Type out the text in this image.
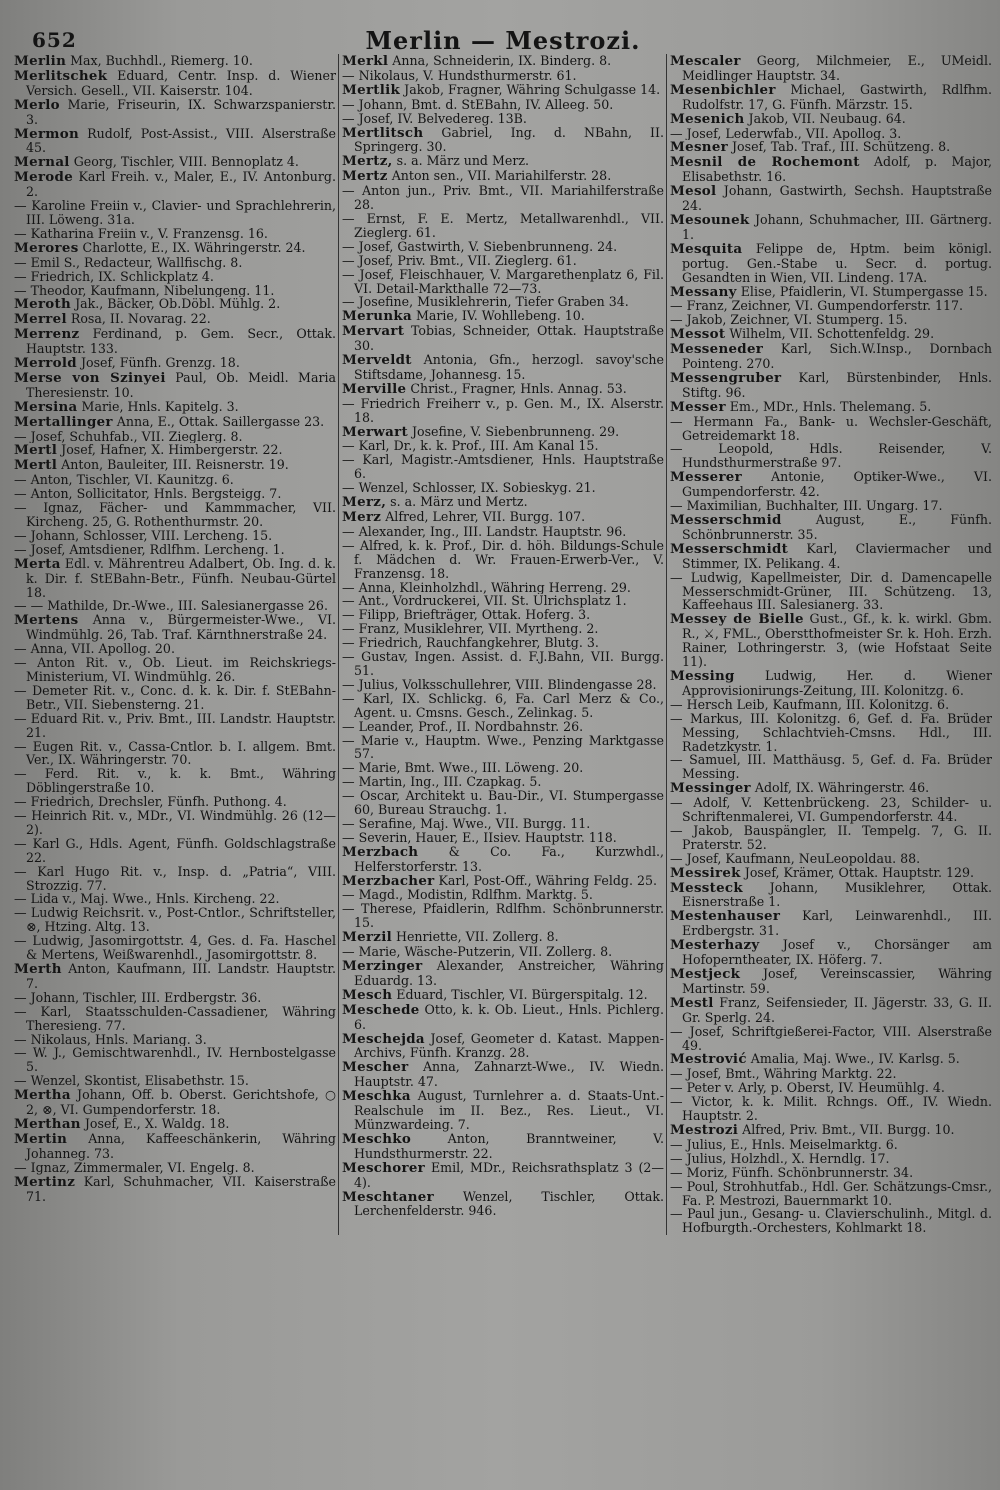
652	Merlin — Mestrozi.

Merlin Max, Buchhdl., Riemerg. 10.

Merlitschek Eduard, Centr. Insp. d. Wiener Versich. Gesell., VII. Kaiserstr. 104.

Merlo Marie, Friseurin, IX. Schwarzspanierstr. 3.

Mermon Rudolf, Post-Assist., VIII. Alserstraße 45.

Mernal Georg, Tischler, VIII. Bennoplatz 4.

Merode Karl Freih. v., Maler, E., IV. Antonburg. 2.

— Karoline Freiin v., Clavier- und Sprachlehrerin, III. Löweng. 31a.

— Katharina Freiin v., V. Franzensg. 16.

Merores Charlotte, E., IX. Währingerstr. 24.

— Emil S., Redacteur, Wallfischg. 8.

— Friedrich, IX. Schlickplatz 4.

— Theodor, Kaufmann, Nibelungeng. 11.

Meroth Jak., Bäcker, Ob.Döbl. Mühlg. 2.

Merrel Rosa, II. Novarag. 22.

Merrenz Ferdinand, p. Gem. Secr., Ottak. Hauptstr. 133.

Merrold Josef, Fünfh. Grenzg. 18.

Merse von Szinyei Paul, Ob. Meidl. Maria Theresienstr. 10.

Mersina Marie, Hnls. Kapitelg. 3.

Mertallinger Anna, E., Ottak. Saillergasse 23.

— Josef, Schuhfab., VII. Zieglerg. 8.

Mertl Josef, Hafner, X. Himbergerstr. 22.

Mertl Anton, Bauleiter, III. Reisnerstr. 19.

— Anton, Tischler, VI. Kaunitzg. 6.

— Anton, Sollicitator, Hnls. Bergsteigg. 7.

— Ignaz, Fächer- und Kammmacher, VII. Kircheng. 25, G. Rothenthurmstr. 20.

— Johann, Schlosser, VIII. Lercheng. 15.

— Josef, Amtsdiener, Rdlfhm. Lercheng. 1.

Merta Edl. v. Mährentreu Adalbert, Ob. Ing. d. k. k. Dir. f. StEBahn-Betr., Fünfh. Neubau-Gürtel 18.

— — Mathilde, Dr.-Wwe., III. Salesianergasse 26.

Mertens Anna v., Bürgermeister-Wwe., VI. Windmühlg. 26, Tab. Traf. Kärnthnerstraße 24.

— Anna, VII. Apollog. 20.

— Anton Rit. v., Ob. Lieut. im Reichskriegs-Ministerium, VI. Windmühlg. 26.

— Demeter Rit. v., Conc. d. k. k. Dir. f. StEBahn-Betr., VII. Siebensterng. 21.

— Eduard Rit. v., Priv. Bmt., III. Landstr. Hauptstr. 21.

— Eugen Rit. v., Cassa-Cntlor. b. I. allgem. Bmt. Ver., IX. Währingerstr. 70.

— Ferd. Rit. v., k. k. Bmt., Währing Döblingerstraße 10.

— Friedrich, Drechsler, Fünfh. Puthong. 4.

— Heinrich Rit. v., MDr., VI. Windmühlg. 26 (12—2).

— Karl G., Hdls. Agent, Fünfh. Goldschlagstraße 22.

— Karl Hugo Rit. v., Insp. d. „Patria“, VIII. Strozzig. 77.

— Lida v., Maj. Wwe., Hnls. Kircheng. 22.

— Ludwig Reichsrit. v., Post-Cntlor., Schriftsteller, ⊗, Htzing. Altg. 13.

— Ludwig, Jasomirgottstr. 4, Ges. d. Fa. Haschel & Mertens, Weißwarenhdl., Jasomirgottstr. 8.

Merth Anton, Kaufmann, III. Landstr. Hauptstr. 7.

— Johann, Tischler, III. Erdbergstr. 36.

— Karl, Staatsschulden-Cassadiener, Währing Theresieng. 77.

— Nikolaus, Hnls. Mariang. 3.

— W. J., Gemischtwarenhdl., IV. Hernbostelgasse 5.

— Wenzel, Skontist, Elisabethstr. 15.

Mertha Johann, Off. b. Oberst. Gerichtshofe, ○ 2, ⊗, VI. Gumpendorferstr. 18.

Merthan Josef, E., X. Waldg. 18.

Mertin Anna, Kaffeeschänkerin, Währing Johanneg. 73.

— Ignaz, Zimmermaler, VI. Engelg. 8.

Mertinz Karl, Schuhmacher, VII. Kaiserstraße 71.

Merkl Anna, Schneiderin, IX. Binderg. 8.

— Nikolaus, V. Hundsthurmerstr. 61.

Mertlik Jakob, Fragner, Währing Schulgasse 14.

— Johann, Bmt. d. StEBahn, IV. Alleeg. 50.

— Josef, IV. Belvedereg. 13B.

Mertlitsch Gabriel, Ing. d. NBahn, II. Springerg. 30.

Mertz, s. a. März und Merz.

Mertz Anton sen., VII. Mariahilferstr. 28.

— Anton jun., Priv. Bmt., VII. Mariahilferstraße 28.

— Ernst, F. E. Mertz, Metallwarenhdl., VII. Zieglerg. 61.

— Josef, Gastwirth, V. Siebenbrunneng. 24.

— Josef, Priv. Bmt., VII. Zieglerg. 61.

— Josef, Fleischhauer, V. Margarethenplatz 6, Fil. VI. Detail-Markthalle 72—73.

— Josefine, Musiklehrerin, Tiefer Graben 34.

Merunka Marie, IV. Wohllebeng. 10.

Mervart Tobias, Schneider, Ottak. Hauptstraße 30.

Merveldt Antonia, Gfn., herzogl. savoy'sche Stiftsdame, Johannesg. 15.

Merville Christ., Fragner, Hnls. Annag. 53.

— Friedrich Freiherr v., p. Gen. M., IX. Alserstr. 18.

Merwart Josefine, V. Siebenbrunneng. 29.

— Karl, Dr., k. k. Prof., III. Am Kanal 15.

— Karl, Magistr.-Amtsdiener, Hnls. Hauptstraße 6.

— Wenzel, Schlosser, IX. Sobieskyg. 21.

Merz, s. a. März und Mertz.

Merz Alfred, Lehrer, VII. Burgg. 107.

— Alexander, Ing., III. Landstr. Hauptstr. 96.

— Alfred, k. k. Prof., Dir. d. höh. Bildungs-Schule f. Mädchen d. Wr. Frauen-Erwerb-Ver., V. Franzensg. 18.

— Anna, Kleinholzhdl., Währing Herreng. 29.

— Ant., Vordruckerei, VII. St. Ulrichsplatz 1.

— Filipp, Briefträger, Ottak. Hoferg. 3.

— Franz, Musiklehrer, VII. Myrtheng. 2.

— Friedrich, Rauchfangkehrer, Blutg. 3.

— Gustav, Ingen. Assist. d. F.J.Bahn, VII. Burgg. 51.

— Julius, Volksschullehrer, VIII. Blindengasse 28.

— Karl, IX. Schlickg. 6, Fa. Carl Merz & Co., Agent. u. Cmsns. Gesch., Zelinkag. 5.

— Leander, Prof., II. Nordbahnstr. 26.

— Marie v., Hauptm. Wwe., Penzing Marktgasse 57.

— Marie, Bmt. Wwe., III. Löweng. 20.

— Martin, Ing., III. Czapkag. 5.

— Oscar, Architekt u. Bau-Dir., VI. Stumpergasse 60, Bureau Strauchg. 1.

— Serafine, Maj. Wwe., VII. Burgg. 11.

— Severin, Hauer, E., IIsiev. Hauptstr. 118.

Merzbach & Co. Fa., Kurzwhdl., Helferstorferstr. 13.

Merzbacher Karl, Post-Off., Währing Feldg. 25.

— Magd., Modistin, Rdlfhm. Marktg. 5.

— Therese, Pfaidlerin, Rdlfhm. Schönbrunnerstr. 15.

Merzil Henriette, VII. Zollerg. 8.

— Marie, Wäsche-Putzerin, VII. Zollerg. 8.

Merzinger Alexander, Anstreicher, Währing Eduardg. 13.

Mesch Eduard, Tischler, VI. Bürgerspitalg. 12.

Meschede Otto, k. k. Ob. Lieut., Hnls. Pichlerg. 6.

Meschejda Josef, Geometer d. Katast. Mappen-Archivs, Fünfh. Kranzg. 28.

Mescher Anna, Zahnarzt-Wwe., IV. Wiedn. Hauptstr. 47.

Meschka August, Turnlehrer a. d. Staats-Unt.-Realschule im II. Bez., Res. Lieut., VI. Münzwardeing. 7.

Meschko Anton, Branntweiner, V. Hundsthurmerstr. 22.

Meschorer Emil, MDr., Reichsrathsplatz 3 (2—4).

Meschtaner Wenzel, Tischler, Ottak. Lerchenfelderstr. 946.

Mescaler Georg, Milchmeier, E., UMeidl. Meidlinger Hauptstr. 34.

Mesenbichler Michael, Gastwirth, Rdlfhm. Rudolfstr. 17, G. Fünfh. Märzstr. 15.

Mesenich Jakob, VII. Neubaug. 64.

— Josef, Lederwfab., VII. Apollog. 3.

Mesner Josef, Tab. Traf., III. Schützeng. 8.

Mesnil de Rochemont Adolf, p. Major, Elisabethstr. 16.

Mesol Johann, Gastwirth, Sechsh. Hauptstraße 24.

Mesounek Johann, Schuhmacher, III. Gärtnerg. 1.

Mesquita Felippe de, Hptm. beim königl. portug. Gen.-Stabe u. Secr. d. portug. Gesandten in Wien, VII. Lindeng. 17A.

Messany Elise, Pfaidlerin, VI. Stumpergasse 15.

— Franz, Zeichner, VI. Gumpendorferstr. 117.

— Jakob, Zeichner, VI. Stumperg. 15.

Messot Wilhelm, VII. Schottenfeldg. 29.

Messeneder Karl, Sich.W.Insp., Dornbach Pointeng. 270.

Messengruber Karl, Bürstenbinder, Hnls. Stiftg. 96.

Messer Em., MDr., Hnls. Thelemang. 5.

— Hermann Fa., Bank- u. Wechsler-Geschäft, Getreidemarkt 18.

— Leopold, Hdls. Reisender, V. Hundsthurmerstraße 97.

Messerer Antonie, Optiker-Wwe., VI. Gumpendorferstr. 42.

— Maximilian, Buchhalter, III. Ungarg. 17.

Messerschmid August, E., Fünfh. Schönbrunnerstr. 35.

Messerschmidt Karl, Claviermacher und Stimmer, IX. Pelikang. 4.

— Ludwig, Kapellmeister, Dir. d. Damencapelle Messerschmidt-Grüner, III. Schützeng. 13, Kaffeehaus III. Salesianerg. 33.

Messey de Bielle Gust., Gf., k. k. wirkl. Gbm. R., ⚔, FML., Oberstthofmeister Sr. k. Hoh. Erzh. Rainer, Lothringerstr. 3, (wie Hofstaat Seite 11).

Messing Ludwig, Her. d. Wiener Approvisionirungs-Zeitung, III. Kolonitzg. 6.

— Hersch Leib, Kaufmann, III. Kolonitzg. 6.

— Markus, III. Kolonitzg. 6, Gef. d. Fa. Brüder Messing, Schlachtvieh-Cmsns. Hdl., III. Radetzkystr. 1.

— Samuel, III. Matthäusg. 5, Gef. d. Fa. Brüder Messing.

Messinger Adolf, IX. Währingerstr. 46.

— Adolf, V. Kettenbrückeng. 23, Schilder- u. Schriftenmalerei, VI. Gumpendorferstr. 44.

— Jakob, Bauspängler, II. Tempelg. 7, G. II. Praterstr. 52.

— Josef, Kaufmann, NeuLeopoldau. 88.

Messirek Josef, Krämer, Ottak. Hauptstr. 129.

Messteck Johann, Musiklehrer, Ottak. Eisnerstraße 1.

Mestenhauser Karl, Leinwarenhdl., III. Erdbergstr. 31.

Mesterhazy Josef v., Chorsänger am Hofoperntheater, IX. Höferg. 7.

Mestjeck Josef, Vereinscassier, Währing Martinstr. 59.

Mestl Franz, Seifensieder, II. Jägerstr. 33, G. II. Gr. Sperlg. 24.

— Josef, Schriftgießerei-Factor, VIII. Alserstraße 49.

Mestrović Amalia, Maj. Wwe., IV. Karlsg. 5.

— Josef, Bmt., Währing Marktg. 22.

— Peter v. Arly, p. Oberst, IV. Heumühlg. 4.

— Victor, k. k. Milit. Rchngs. Off., IV. Wiedn. Hauptstr. 2.

Mestrozi Alfred, Priv. Bmt., VII. Burgg. 10.

— Julius, E., Hnls. Meiselmarktg. 6.

— Julius, Holzhdl., X. Herndlg. 17.

— Moriz, Fünfh. Schönbrunnerstr. 34.

— Poul, Strohhutfab., Hdl. Ger. Schätzungs-Cmsr., Fa. P. Mestrozi, Bauernmarkt 10.

— Paul jun., Gesang- u. Clavierschulinh., Mitgl. d. Hofburgth.-Orchesters, Kohlmarkt 18.
